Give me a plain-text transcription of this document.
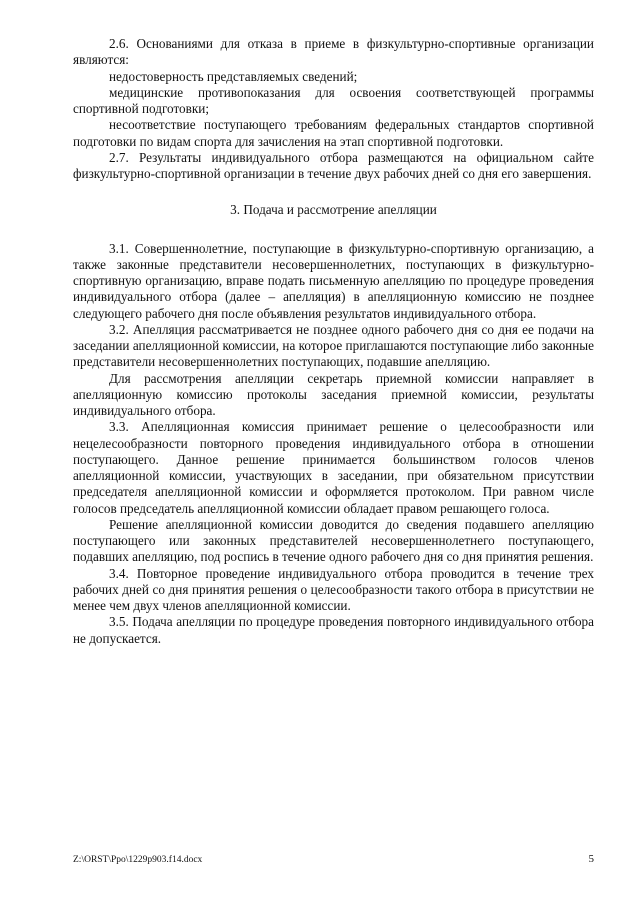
2.6. Основаниями для отказа в приеме в физкультурно-спортивные организации являются:

недостоверность представляемых сведений;

медицинские противопоказания для освоения соответствующей программы спортивной подготовки;

несоответствие поступающего требованиям федеральных стандартов спортивной подготовки по видам спорта для зачисления на этап спортивной подготовки.

2.7. Результаты индивидуального отбора размещаются на официальном сайте физкультурно-спортивной организации в течение двух рабочих дней со дня его завершения.

3. Подача и рассмотрение апелляции

3.1. Совершеннолетние, поступающие в физкультурно-спортивную организацию, а также законные представители несовершеннолетних, поступающих в физкультурно-спортивную организацию, вправе подать письменную апелляцию по процедуре проведения индивидуального отбора (далее – апелляция) в апелляционную комиссию не позднее следующего рабочего дня после объявления результатов индивидуального отбора.

3.2. Апелляция рассматривается не позднее одного рабочего дня со дня ее подачи на заседании апелляционной комиссии, на которое приглашаются поступающие либо законные представители несовершеннолетних поступающих, подавшие апелляцию.

Для рассмотрения апелляции секретарь приемной комиссии направляет в апелляционную комиссию протоколы заседания приемной комиссии, результаты индивидуального отбора.

3.3. Апелляционная комиссия принимает решение о целесообразности или нецелесообразности повторного проведения индивидуального отбора в отношении поступающего. Данное решение принимается большинством голосов членов апелляционной комиссии, участвующих в заседании, при обязательном присутствии председателя апелляционной комиссии и оформляется протоколом. При равном числе голосов председатель апелляционной комиссии обладает правом решающего голоса.

Решение апелляционной комиссии доводится до сведения подавшего апелляцию поступающего или законных представителей несовершеннолетнего поступающего, подавших апелляцию, под роспись в течение одного рабочего дня со дня принятия решения.

3.4. Повторное проведение индивидуального отбора проводится в течение трех рабочих дней со дня принятия решения о целесообразности такого отбора в присутствии не менее чем двух членов апелляционной комиссии.

3.5. Подача апелляции по процедуре проведения повторного индивидуального отбора не допускается.

Z:\ORST\Ppo\1229p903.f14.docx	5
